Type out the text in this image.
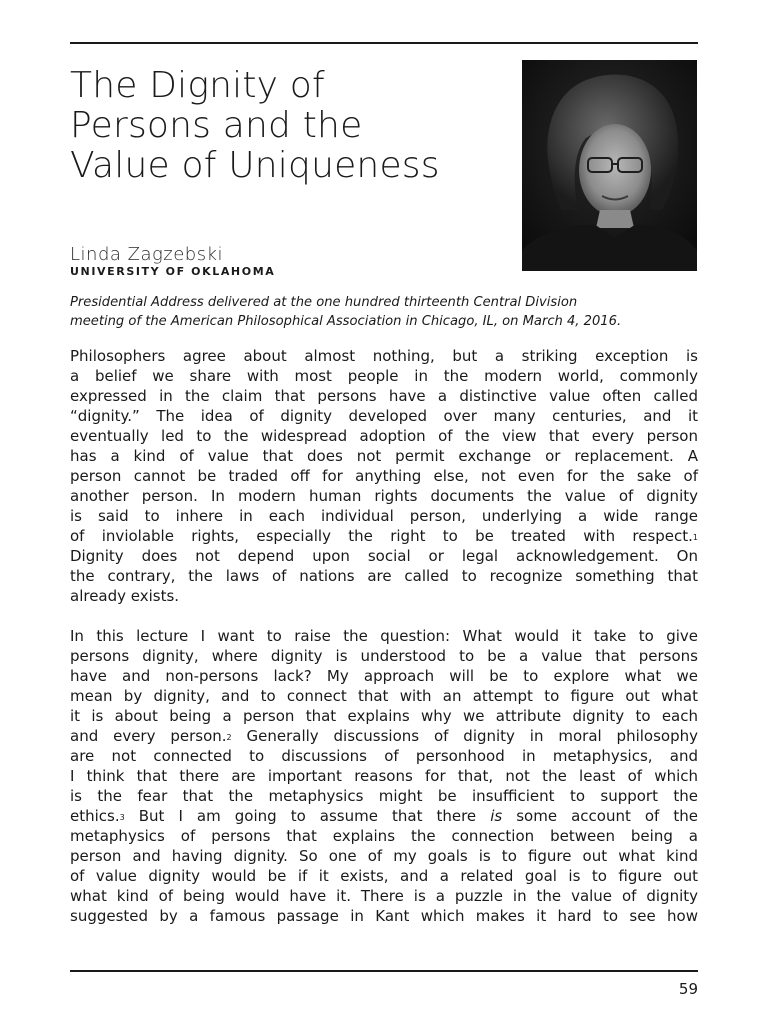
The Dignity of
Persons and the
Value of Uniqueness
Linda Zagzebski
UNIVERSITY OF OKLAHOMA
Presidential Address delivered at the one hundred thirteenth Central Division
meeting of the American Philosophical Association in Chicago, IL, on March 4, 2016.
Philosophers agree about almost nothing, but a striking exception is
a belief we share with most people in the modern world, commonly
expressed in the claim that persons have a distinctive value often called
“dignity.” The idea of dignity developed over many centuries, and it
eventually led to the widespread adoption of the view that every person
has a kind of value that does not permit exchange or replacement. A
person cannot be traded off for anything else, not even for the sake of
another person. In modern human rights documents the value of dignity
is said to inhere in each individual person, underlying a wide range
of inviolable rights, especially the right to be treated with respect.$^1$
Dignity does not depend upon social or legal acknowledgement. On
the contrary, the laws of nations are called to recognize something that
already exists.
In this lecture I want to raise the question: What would it take to give
persons dignity, where dignity is understood to be a value that persons
have and non-persons lack? My approach will be to explore what we
mean by dignity, and to connect that with an attempt to figure out what
it is about being a person that explains why we attribute dignity to each
and every person.$^2$ Generally discussions of dignity in moral philosophy
are not connected to discussions of personhood in metaphysics, and
I think that there are important reasons for that, not the least of which
is the fear that the metaphysics might be insufficient to support the
ethics.$^3$ But I am going to assume that there is some account of the
metaphysics of persons that explains the connection between being a
person and having dignity. So one of my goals is to figure out what kind
of value dignity would be if it exists, and a related goal is to figure out
what kind of being would have it. There is a puzzle in the value of dignity
suggested by a famous passage in Kant which makes it hard to see how
59
